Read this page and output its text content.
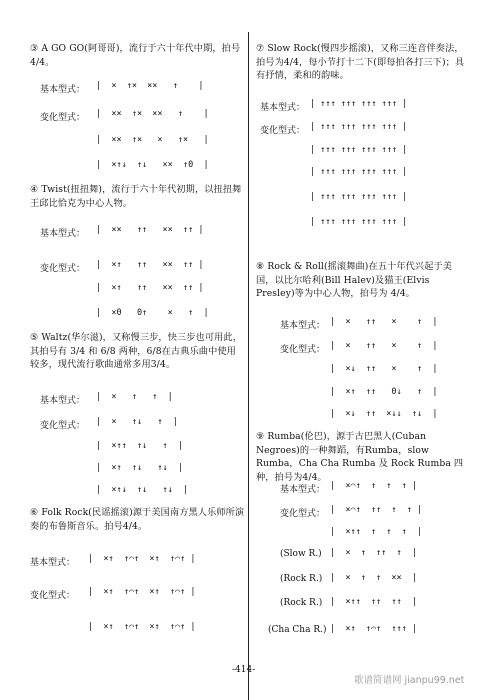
③ A GO GO(阿哥哥)，流行于六十年代中期，拍号 4/4。
基本型式： |  ×  ↑×  ××   ↑    |
变化型式： |  ××  ↑×  ××   ↑    |
|  ××  ↑×   ×   ↑×   |
|  ×↑↓  ↑↓   ××  ↑0  |
④ Twist(扭扭舞)，流行于六十年代初期，以扭扭舞王邱比恰克为中心人物。
基本型式： |  ××   ↑↑   ××  ↑↑ |
变化型式： |  ×↑   ↑↑   ××  ↑↑ |
|  ×↑   ↑↑   ××  ↑↑ |
|  ×0   0↑    ×   ↑  |
⑤ Waltz(华尔滋)，又称慢三步，快三步也可用此，其拍号有 3/4 和 6/8 两种，6/8在古典乐曲中使用较多，现代流行歌曲通常多用3/4。
基本型式： |  ×   ↑   ↑  |
变化型式： |  ×   ↑↓   ↑  |
|  ×↑↑  ↑↓   ↑  |
|  ×↑  ↑↓   ↑↓  |
|  ×↑↓  ↑↓   ↑↓  |
⑥ Folk Rock(民谣摇滚)源于美国南方黑人乐师所演奏的布鲁斯音乐。拍号4/4。
基本型式： |  ×↑  ↑⌒↑  ×↑  ↑⌒↑ |
变化型式： |  ×↑  ↑⌒↑  ×↑  ↑⌒↑ |
|  ×↑  ↑⌒↑  ×↑  ↑⌒↑ |
⑦ Slow Rock(慢四步摇滚)，又称三连音伴奏法，拍号为4/4，每小节打十二下(即每拍各打三下)；具有抒情，柔和的韵味。
基本型式： | ↑↑↑ ↑↑↑ ↑↑↑ ↑↑↑ |
变化型式： | ↑↑↑ ↑↑↑ ↑↑↑ ↑↑↑ |
| ↑↑↑ ↑↑↑ ↑↑↑ ↑↑↑ |
| ↑↑↑ ↑↑↑ ↑↑↑ ↑↑↑ |
| ↑↑↑ ↑↑↑ ↑↑↑ ↑↑↑ |
| ↑↑↑ ↑↑↑ ↑↑↑ ↑↑↑ |
⑧ Rock & Roll(摇滚舞曲)在五十年代兴起于美国，以比尔哈利(Bill Halev)及猫王(Elvis Presley)等为中心人物，拍号为 4/4。
基本型式： |  ×   ↑↑   ×    ↑  |
变化型式： |  ×   ↑↑   ×    ↑  |
|  ×↓  ↑↑   ×    ↑  |
|  ×↑  ↑↑   0↓   ↑  |
|  ×↓  ↑↑  ×↓↓  ↑↓  |
⑨ Rumba(伦巴)，源于古巴黑人(Cuban Negroes)的一种舞蹈，有Rumba，slow Rumba，Cha Cha Rumba 及 Rock Rumba 四种，拍号为4/4。
基本型式： |  ×⌒↑  ↑  ↑  ↑ |
变化型式： |  ×⌒↑  ↑↑  ↑  ↑ |
|  ×↑↑  ↑  ↑  ↑  |
(Slow R.) |  ×  ↑  ↑↑  ↑  |
(Rock R.) |  ×  ↑  ↑  ××  |
(Rock R.) |  ×↑↑  ↑↑  ↑↑  |
(Cha Cha R.) |  ×↑  ↑⌒↑  ↑↑↑ |
-414-
歌谱简谱网 jianpu99.net
